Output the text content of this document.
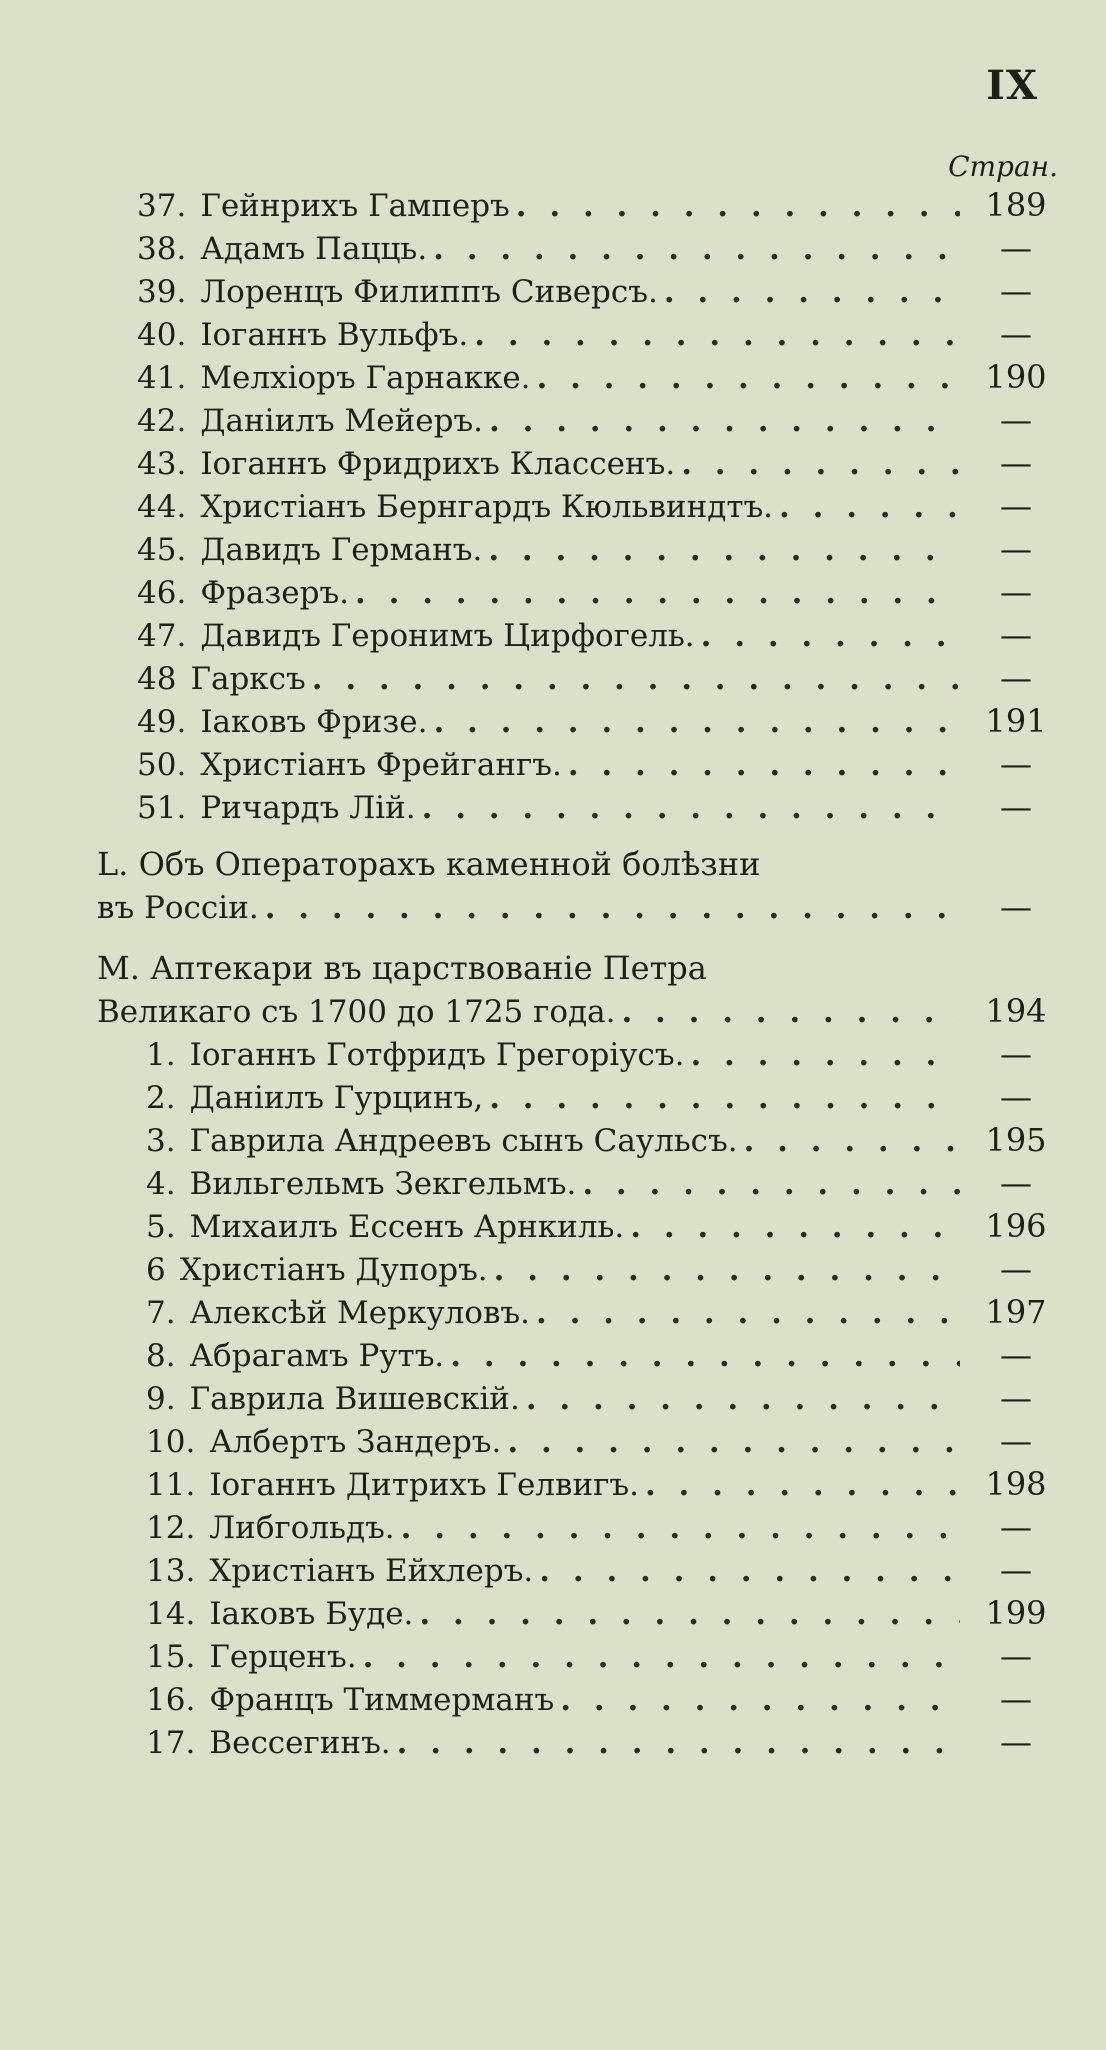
IX
Стран.
37. Гейнрихъ Гамперъ . . .	189
38. Адамъ Пацць. . . .	—
39. Лоренцъ Филиппъ Сиверсъ. . . .	—
40. Іоганнъ Вульфъ. . . .	—
41. Мелхіоръ Гарнакке. . . .	190
42. Даніилъ Мейеръ. . . .	—
43. Іоганнъ Фридрихъ Классенъ. . . .	—
44. Христіанъ Бернгардъ Кюльвиндтъ. . . .	—
45. Давидъ Германъ. . . .	—
46. Фразеръ. . . .	—
47. Давидъ Геронимъ Цирфогель. . . .	—
48 Гарксъ . . .	—
49. Іаковъ Фризе. . . .	191
50. Христіанъ Фрейгангъ. . . .	—
51. Ричардъ Лій. . . .	—
L. Объ Операторахъ каменной болѣзни
въ Россіи. . . .	—
M. Аптекари въ царствованіе Петра
Великаго съ 1700 до 1725 года. . . .	194
1. Іоганнъ Готфридъ Грегоріусъ. . . .	—
2. Даніилъ Гурцинъ, . . .	—
3. Гаврила Андреевъ сынъ Саульсъ. . . .	195
4. Вильгельмъ Зекгельмъ. . . .	—
5. Михаилъ Ессенъ Арнкиль. . . .	196
6 Христіанъ Дупоръ. . . .	—
7. Алексѣй Меркуловъ. . . .	197
8. Абрагамъ Рутъ. . . .	—
9. Гаврила Вишевскій. . . .	—
10. Албертъ Зандеръ. . . .	—
11. Іоганнъ Дитрихъ Гелвигъ. . . .	198
12. Либгольдъ. . . .	—
13. Христіанъ Ейхлеръ. . . .	—
14. Іаковъ Буде. . . .	199
15. Герценъ. . . .	—
16. Францъ Тиммерманъ . . .	—
17. Вессегинъ. . . .	—
